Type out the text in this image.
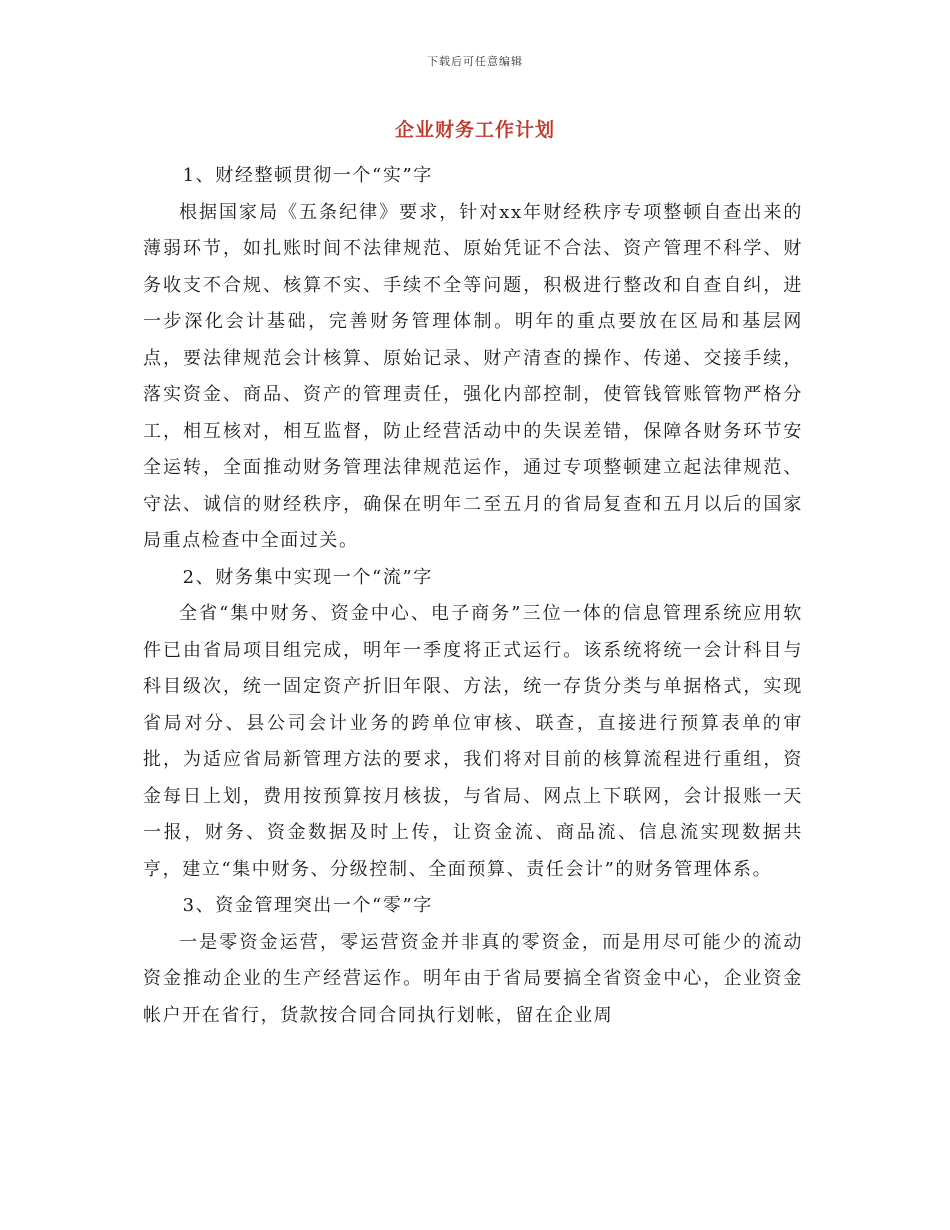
下载后可任意编辑
企业财务工作计划

1、财经整顿贯彻一个“实”字

根据国家局《五条纪律》要求，针对xx年财经秩序专项整顿自查出来的薄弱环节，如扎账时间不法律规范、原始凭证不合法、资产管理不科学、财务收支不合规、核算不实、手续不全等问题，积极进行整改和自查自纠，进一步深化会计基础，完善财务管理体制。明年的重点要放在区局和基层网点，要法律规范会计核算、原始记录、财产清查的操作、传递、交接手续，落实资金、商品、资产的管理责任，强化内部控制，使管钱管账管物严格分工，相互核对，相互监督，防止经营活动中的失误差错，保障各财务环节安全运转，全面推动财务管理法律规范运作，通过专项整顿建立起法律规范、守法、诚信的财经秩序，确保在明年二至五月的省局复查和五月以后的国家局重点检查中全面过关。

2、财务集中实现一个“流”字

全省“集中财务、资金中心、电子商务”三位一体的信息管理系统应用软件已由省局项目组完成，明年一季度将正式运行。该系统将统一会计科目与科目级次，统一固定资产折旧年限、方法，统一存货分类与单据格式，实现省局对分、县公司会计业务的跨单位审核、联查，直接进行预算表单的审批，为适应省局新管理方法的要求，我们将对目前的核算流程进行重组，资金每日上划，费用按预算按月核拔，与省局、网点上下联网，会计报账一天一报，财务、资金数据及时上传，让资金流、商品流、信息流实现数据共亨，建立“集中财务、分级控制、全面预算、责任会计”的财务管理体系。

3、资金管理突出一个“零”字

一是零资金运营，零运营资金并非真的零资金，而是用尽可能少的流动资金推动企业的生产经营运作。明年由于省局要搞全省资金中心，企业资金帐户开在省行，货款按合同合同执行划帐，留在企业周
